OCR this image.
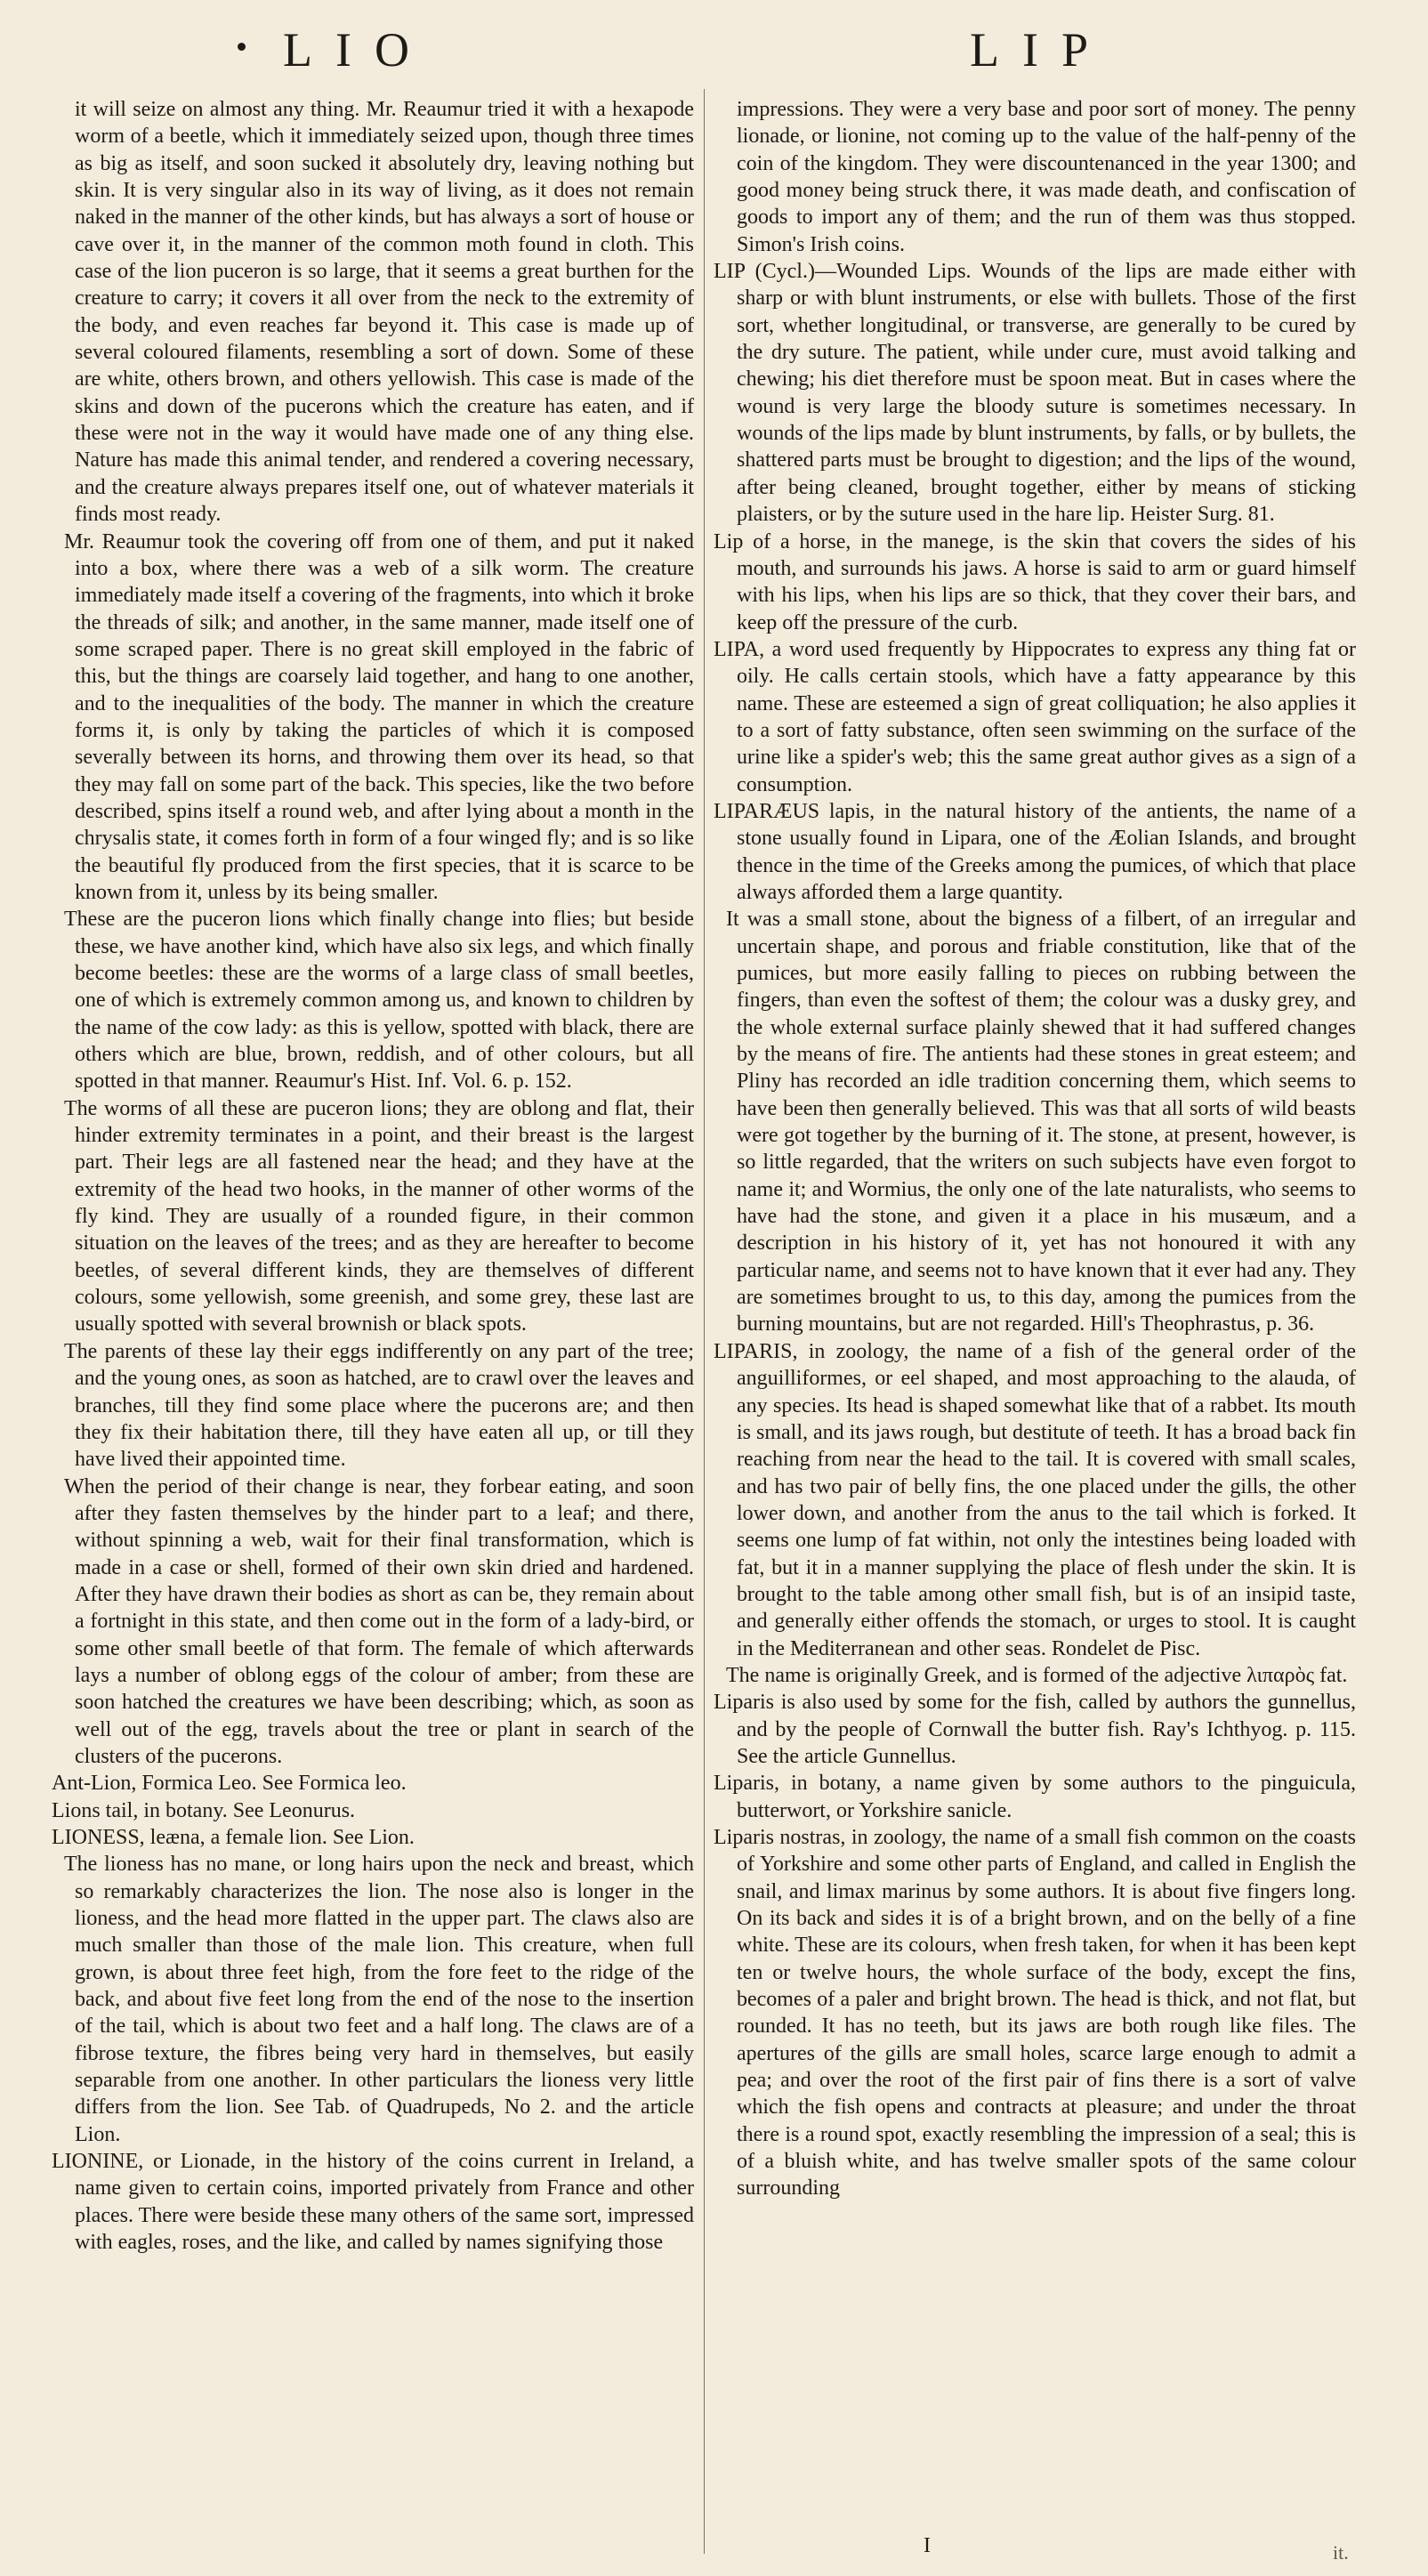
LIO	LIP

it will seize on almost any thing. Mr. Reaumur tried it with a hexapode worm of a beetle, which it immediately seized upon, though three times as big as itself, and soon sucked it absolutely dry, leaving nothing but skin. It is very singular also in its way of living, as it does not remain naked in the manner of the other kinds, but has always a sort of house or cave over it, in the manner of the common moth found in cloth. This case of the lion puceron is so large, that it seems a great burthen for the creature to carry; it covers it all over from the neck to the extremity of the body, and even reaches far beyond it. This case is made up of several coloured filaments, resembling a sort of down. Some of these are white, others brown, and others yellowish. This case is made of the skins and down of the pucerons which the creature has eaten, and if these were not in the way it would have made one of any thing else. Nature has made this animal tender, and rendered a covering necessary, and the creature always prepares itself one, out of whatever materials it finds most ready.

Mr. Reaumur took the covering off from one of them, and put it naked into a box, where there was a web of a silk worm. The creature immediately made itself a covering of the fragments, into which it broke the threads of silk; and another, in the same manner, made itself one of some scraped paper. There is no great skill employed in the fabric of this, but the things are coarsely laid together, and hang to one another, and to the inequalities of the body. The manner in which the creature forms it, is only by taking the particles of which it is composed severally between its horns, and throwing them over its head, so that they may fall on some part of the back. This species, like the two before described, spins itself a round web, and after lying about a month in the chrysalis state, it comes forth in form of a four winged fly; and is so like the beautiful fly produced from the first species, that it is scarce to be known from it, unless by its being smaller.

These are the puceron lions which finally change into flies; but beside these, we have another kind, which have also six legs, and which finally become beetles: these are the worms of a large class of small beetles, one of which is extremely common among us, and known to children by the name of the cow lady: as this is yellow, spotted with black, there are others which are blue, brown, reddish, and of other colours, but all spotted in that manner. Reaumur's Hist. Inf. Vol. 6. p. 152.

The worms of all these are puceron lions; they are oblong and flat, their hinder extremity terminates in a point, and their breast is the largest part. Their legs are all fastened near the head; and they have at the extremity of the head two hooks, in the manner of other worms of the fly kind. They are usually of a rounded figure, in their common situation on the leaves of the trees; and as they are hereafter to become beetles, of several different kinds, they are themselves of different colours, some yellowish, some greenish, and some grey, these last are usually spotted with several brownish or black spots.

The parents of these lay their eggs indifferently on any part of the tree; and the young ones, as soon as hatched, are to crawl over the leaves and branches, till they find some place where the pucerons are; and then they fix their habitation there, till they have eaten all up, or till they have lived their appointed time.

When the period of their change is near, they forbear eating, and soon after they fasten themselves by the hinder part to a leaf; and there, without spinning a web, wait for their final transformation, which is made in a case or shell, formed of their own skin dried and hardened. After they have drawn their bodies as short as can be, they remain about a fortnight in this state, and then come out in the form of a lady-bird, or some other small beetle of that form. The female of which afterwards lays a number of oblong eggs of the colour of amber; from these are soon hatched the creatures we have been describing; which, as soon as well out of the egg, travels about the tree or plant in search of the clusters of the pucerons.

Ant-Lion, Formica Leo. See Formica leo.

Lions tail, in botany. See Leonurus.

LIONESS, leæna, a female lion. See Lion.

The lioness has no mane, or long hairs upon the neck and breast, which so remarkably characterizes the lion. The nose also is longer in the lioness, and the head more flatted in the upper part. The claws also are much smaller than those of the male lion. This creature, when full grown, is about three feet high, from the fore feet to the ridge of the back, and about five feet long from the end of the nose to the insertion of the tail, which is about two feet and a half long. The claws are of a fibrose texture, the fibres being very hard in themselves, but easily separable from one another. In other particulars the lioness very little differs from the lion. See Tab. of Quadrupeds, No 2. and the article Lion.

LIONINE, or Lionade, in the history of the coins current in Ireland, a name given to certain coins, imported privately from France and other places. There were beside these many others of the same sort, impressed with eagles, roses, and the like, and called by names signifying those

impressions. They were a very base and poor sort of money. The penny lionade, or lionine, not coming up to the value of the half-penny of the coin of the kingdom. They were discountenanced in the year 1300; and good money being struck there, it was made death, and confiscation of goods to import any of them; and the run of them was thus stopped. Simon's Irish coins.

LIP (Cycl.)—Wounded Lips. Wounds of the lips are made either with sharp or with blunt instruments, or else with bullets. Those of the first sort, whether longitudinal, or transverse, are generally to be cured by the dry suture. The patient, while under cure, must avoid talking and chewing; his diet therefore must be spoon meat. But in cases where the wound is very large the bloody suture is sometimes necessary. In wounds of the lips made by blunt instruments, by falls, or by bullets, the shattered parts must be brought to digestion; and the lips of the wound, after being cleaned, brought together, either by means of sticking plaisters, or by the suture used in the hare lip. Heister Surg. 81.

Lip of a horse, in the manege, is the skin that covers the sides of his mouth, and surrounds his jaws. A horse is said to arm or guard himself with his lips, when his lips are so thick, that they cover their bars, and keep off the pressure of the curb.

LIPA, a word used frequently by Hippocrates to express any thing fat or oily. He calls certain stools, which have a fatty appearance by this name. These are esteemed a sign of great colliquation; he also applies it to a sort of fatty substance, often seen swimming on the surface of the urine like a spider's web; this the same great author gives as a sign of a consumption.

LIPARÆUS lapis, in the natural history of the antients, the name of a stone usually found in Lipara, one of the Æolian Islands, and brought thence in the time of the Greeks among the pumices, of which that place always afforded them a large quantity.

It was a small stone, about the bigness of a filbert, of an irregular and uncertain shape, and porous and friable constitution, like that of the pumices, but more easily falling to pieces on rubbing between the fingers, than even the softest of them; the colour was a dusky grey, and the whole external surface plainly shewed that it had suffered changes by the means of fire. The antients had these stones in great esteem; and Pliny has recorded an idle tradition concerning them, which seems to have been then generally believed. This was that all sorts of wild beasts were got together by the burning of it. The stone, at present, however, is so little regarded, that the writers on such subjects have even forgot to name it; and Wormius, the only one of the late naturalists, who seems to have had the stone, and given it a place in his musæum, and a description in his history of it, yet has not honoured it with any particular name, and seems not to have known that it ever had any. They are sometimes brought to us, to this day, among the pumices from the burning mountains, but are not regarded. Hill's Theophrastus, p. 36.

LIPARIS, in zoology, the name of a fish of the general order of the anguilliformes, or eel shaped, and most approaching to the alauda, of any species. Its head is shaped somewhat like that of a rabbet. Its mouth is small, and its jaws rough, but destitute of teeth. It has a broad back fin reaching from near the head to the tail. It is covered with small scales, and has two pair of belly fins, the one placed under the gills, the other lower down, and another from the anus to the tail which is forked. It seems one lump of fat within, not only the intestines being loaded with fat, but it in a manner supplying the place of flesh under the skin. It is brought to the table among other small fish, but is of an insipid taste, and generally either offends the stomach, or urges to stool. It is caught in the Mediterranean and other seas. Rondelet de Pisc.

The name is originally Greek, and is formed of the adjective λιπαρὸς fat.

Liparis is also used by some for the fish, called by authors the gunnellus, and by the people of Cornwall the butter fish. Ray's Ichthyog. p. 115. See the article Gunnellus.

Liparis, in botany, a name given by some authors to the pinguicula, butterwort, or Yorkshire sanicle.

Liparis nostras, in zoology, the name of a small fish common on the coasts of Yorkshire and some other parts of England, and called in English the snail, and limax marinus by some authors. It is about five fingers long. On its back and sides it is of a bright brown, and on the belly of a fine white. These are its colours, when fresh taken, for when it has been kept ten or twelve hours, the whole surface of the body, except the fins, becomes of a paler and bright brown. The head is thick, and not flat, but rounded. It has no teeth, but its jaws are both rough like files. The apertures of the gills are small holes, scarce large enough to admit a pea; and over the root of the first pair of fins there is a sort of valve which the fish opens and contracts at pleasure; and under the throat there is a round spot, exactly resembling the impression of a seal; this is of a bluish white, and has twelve smaller spots of the same colour surrounding

I	it.
